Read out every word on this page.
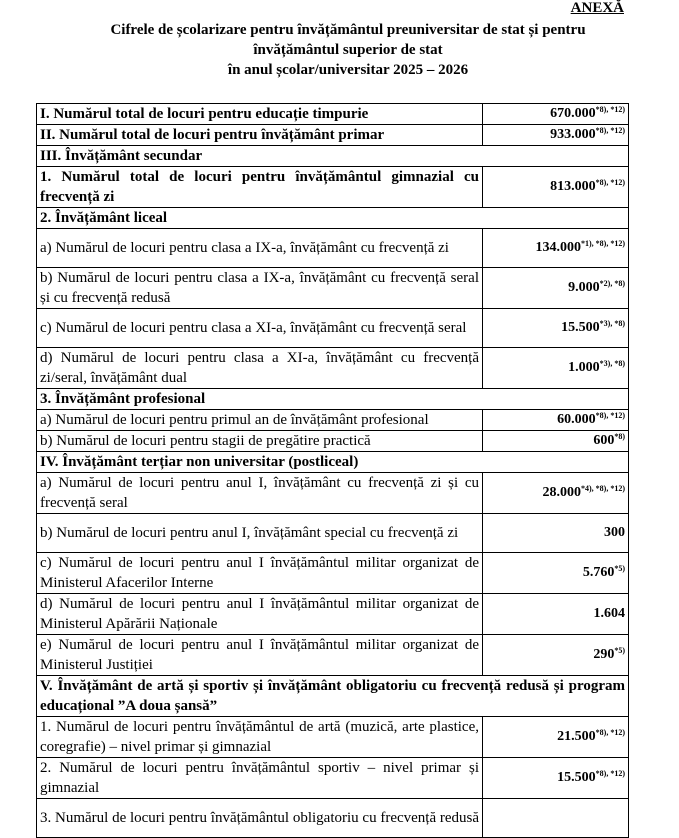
ANEXĂ
Cifrele de școlarizare pentru învățământul preuniversitar de stat și pentru
învățământul superior de stat
în anul școlar/universitar 2025 – 2026
I. Numărul total de locuri pentru educație timpurie	$670.000^{*8), *12)}$
II. Numărul total de locuri pentru învățământ primar	$933.000^{*8), *12)}$
III. Învățământ secundar	
1. Numărul total de locuri pentru învățământul gimnazial cu frecvență zi	$813.000^{*8), *12)}$
2. Învățământ liceal	
a) Numărul de locuri pentru clasa a IX-a, învățământ cu frecvență zi	$134.000^{*1), *8), *12)}$
b) Numărul de locuri pentru clasa a IX-a, învățământ cu frecvență seral și cu frecvență redusă	$9.000^{*2), *8)}$
c) Numărul de locuri pentru clasa a XI-a, învățământ cu frecvență seral	$15.500^{*3), *8)}$
d) Numărul de locuri pentru clasa a XI-a, învățământ cu frecvență zi/seral, învățământ dual	$1.000^{*3), *8)}$
3. Învățământ profesional	
a) Numărul de locuri pentru primul an de învățământ profesional	$60.000^{*8), *12)}$
b) Numărul de locuri pentru stagii de pregătire practică	600$^{*8)}$
IV. Învățământ terțiar non universitar (postliceal)	
a) Numărul de locuri pentru anul I, învățământ cu frecvență zi și cu frecvență seral	$28.000^{*4), *8), *12)}$
b) Numărul de locuri pentru anul I, învățământ special cu frecvență zi	300
c) Numărul de locuri pentru anul I învățământul militar organizat de Ministerul Afacerilor Interne	5.760$^{*5)}$
d) Numărul de locuri pentru anul I învățământul militar organizat de Ministerul Apărării Naționale	1.604
e) Numărul de locuri pentru anul I învățământul militar organizat de Ministerul Justiției	290$^{*5)}$
V. Învățământ de artă și sportiv și învățământ obligatoriu cu frecvență redusă și program educațional ”A doua șansă”	
1. Numărul de locuri pentru învățământul de artă (muzică, arte plastice, coregrafie) – nivel primar și gimnazial	$21.500^{*8), *12)}$
2. Numărul de locuri pentru învățământul sportiv – nivel primar și gimnazial	$15.500^{*8), *12)}$
3. Numărul de locuri pentru învățământul obligatoriu cu frecvență redusă	
